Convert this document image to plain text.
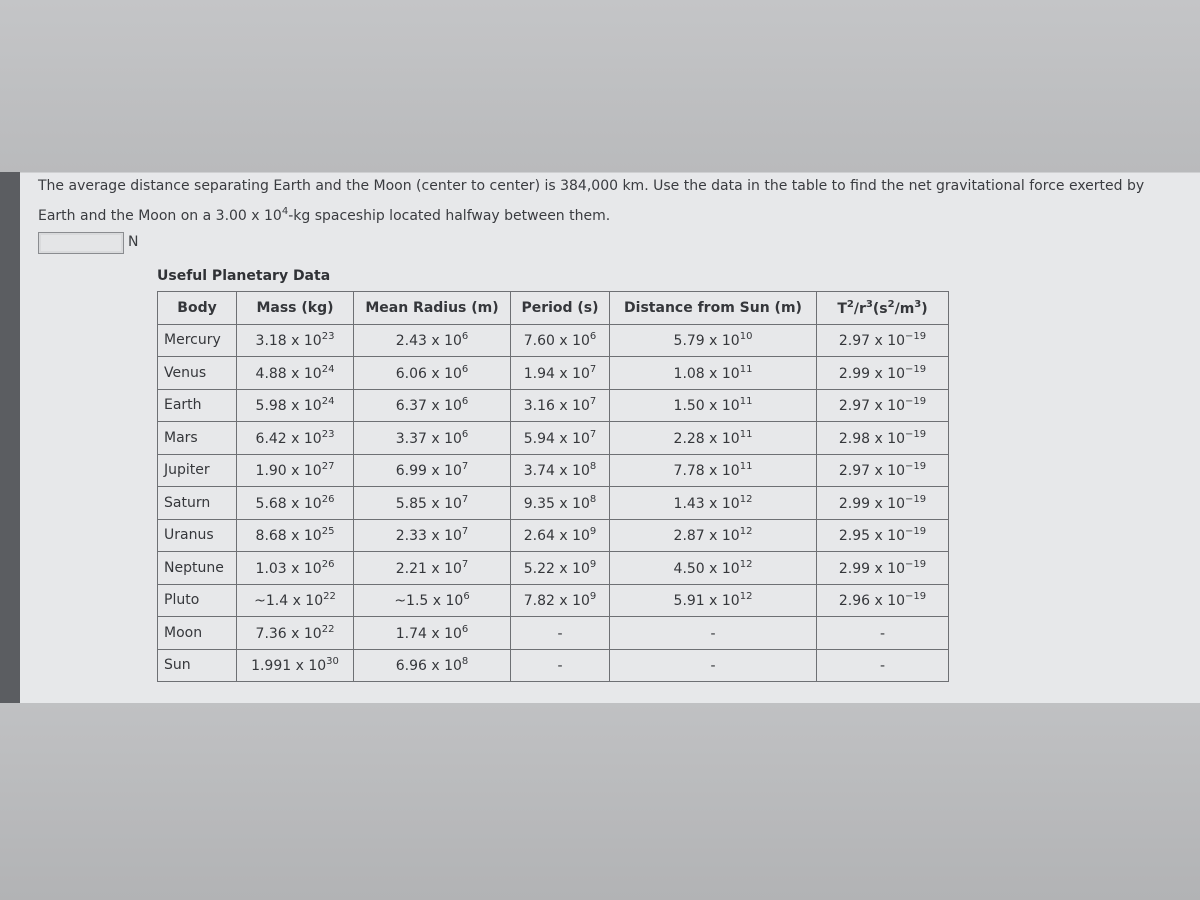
The average distance separating Earth and the Moon (center to center) is 384,000 km. Use the data in the table to find the net gravitational force exerted by
Earth and the Moon on a 3.00 x $10^4-kg$ spaceship located halfway between them.
N
Useful Planetary Data
Body	Mass (kg)	Mean Radius (m)	Period (s)	Distance from Sun (m)	$T^2/r^3(s^2/m^3)$
Mercury	3.18 x $10^{23}$	2.43 x $10^6$	7.60 x $10^6$	5.79 x $10^{10}$	2.97 x $10^{-19}$
Venus	4.88 x $10^{24}$	6.06 x $10^6$	1.94 x $10^7$	1.08 x $10^{11}$	2.99 x $10^{-19}$
Earth	5.98 x $10^{24}$	6.37 x $10^6$	3.16 x $10^7$	1.50 x $10^{11}$	2.97 x $10^{-19}$
Mars	6.42 x $10^{23}$	3.37 x $10^6$	5.94 x $10^7$	2.28 x $10^{11}$	2.98 x $10^{-19}$
Jupiter	1.90 x $10^{27}$	6.99 x $10^7$	3.74 x $10^8$	7.78 x $10^{11}$	2.97 x $10^{-19}$
Saturn	5.68 x $10^{26}$	5.85 x $10^7$	9.35 x $10^8$	1.43 x $10^{12}$	2.99 x $10^{-19}$
Uranus	8.68 x $10^{25}$	2.33 x $10^7$	2.64 x $10^9$	2.87 x $10^{12}$	2.95 x $10^{-19}$
Neptune	1.03 x $10^{26}$	2.21 x $10^7$	5.22 x $10^9$	4.50 x $10^{12}$	2.99 x $10^{-19}$
Pluto	~1.4 x $10^{22}$	~1.5 x $10^6$	7.82 x $10^9$	5.91 x $10^{12}$	2.96 x $10^{-19}$
Moon	7.36 x $10^{22}$	1.74 x $10^6$	-	-	-
Sun	1.991 x $10^{30}$	6.96 x $10^8$	-	-	-
